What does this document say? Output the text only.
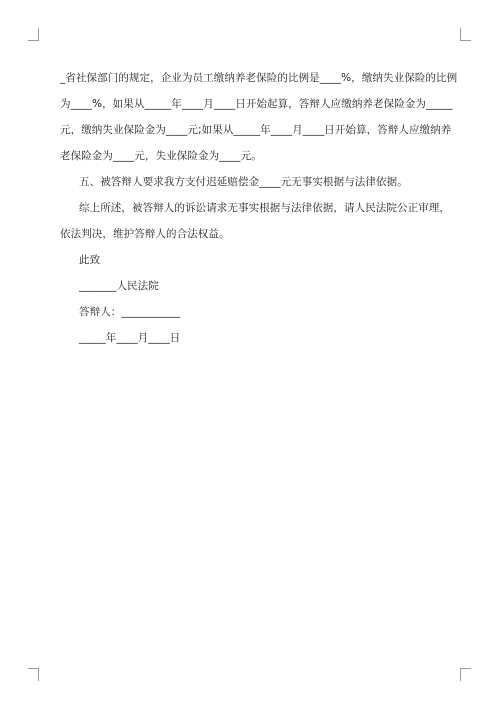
_省社保部门的规定，企业为员工缴纳养老保险的比例是____%，缴纳失业保险的比例
为____%，如果从_____年____月____日开始起算，答辩人应缴纳养老保险金为_____
元，缴纳失业保险金为____元;如果从_____年____月____日开始算，答辩人应缴纳养
老保险金为____元，失业保险金为____元。
五、被答辩人要求我方支付迟延赔偿金____元无事实根据与法律依据。
综上所述，被答辩人的诉讼请求无事实根据与法律依据，请人民法院公正审理，
依法判决，维护答辩人的合法权益。
此致
_______人民法院
答辩人：___________
_____年____月____日
